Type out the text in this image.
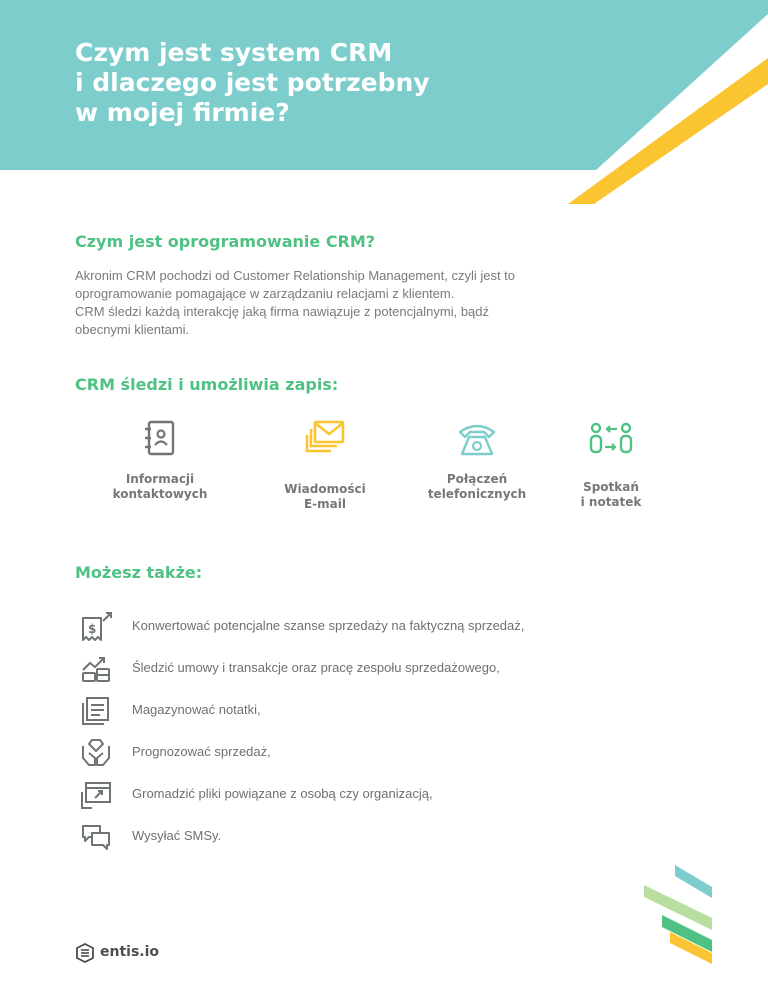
Czym jest system CRM
i dlaczego jest potrzebny
w mojej firmie?
Czym jest oprogramowanie CRM?

Akronim CRM pochodzi od Customer Relationship Management, czyli jest to
oprogramowanie pomagające w zarządzaniu relacjami z klientem.
CRM śledzi każdą interakcję jaką firma nawiązuje z potencjalnymi, bądź
obecnymi klientami.

CRM śledzi i umożliwia zapis:
Informacji
kontaktowych	Wiadomości
E-mail
Połączeń
telefonicznych	Spotkań
i notatek
Możesz także:
$	Konwertować potencjalne szanse sprzedaży na faktyczną sprzedaż,
Śledzić umowy i transakcje oraz pracę zespołu sprzedażowego,
Magazynować notatki,
Prognozować sprzedaż,
Gromadzić pliki powiązane z osobą czy organizacją,
Wysyłać SMSy.
entis.io
